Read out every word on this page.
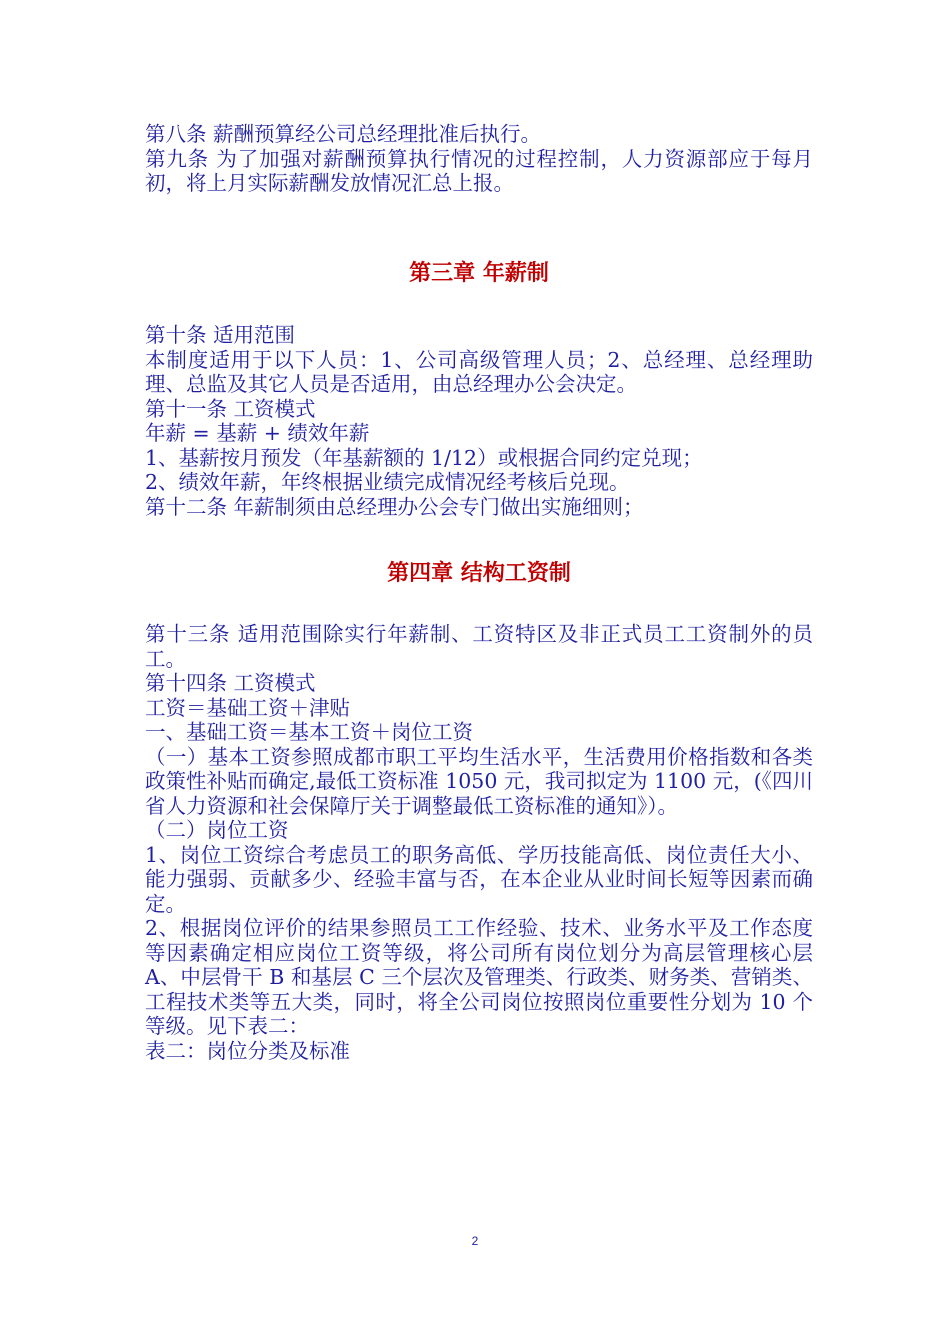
第八条 薪酬预算经公司总经理批准后执行。

第九条 为了加强对薪酬预算执行情况的过程控制，人力资源部应于每月初，将上月实际薪酬发放情况汇总上报。

第三章 年薪制

第十条 适用范围

本制度适用于以下人员：1、公司高级管理人员；2、总经理、总经理助理、总监及其它人员是否适用，由总经理办公会决定。

第十一条 工资模式

年薪 = 基薪 + 绩效年薪

1、基薪按月预发（年基薪额的 1/12）或根据合同约定兑现；

2、绩效年薪，年终根据业绩完成情况经考核后兑现。

第十二条 年薪制须由总经理办公会专门做出实施细则；

第四章 结构工资制

第十三条 适用范围除实行年薪制、工资特区及非正式员工工资制外的员工。

第十四条 工资模式

工资＝基础工资＋津贴

一、基础工资＝基本工资＋岗位工资

（一）基本工资参照成都市职工平均生活水平，生活费用价格指数和各类政策性补贴而确定,最低工资标准 1050 元，我司拟定为 1100 元，(《四川省人力资源和社会保障厅关于调整最低工资标准的通知》）。

（二）岗位工资

1、岗位工资综合考虑员工的职务高低、学历技能高低、岗位责任大小、能力强弱、贡献多少、经验丰富与否，在本企业从业时间长短等因素而确定。

2、根据岗位评价的结果参照员工工作经验、技术、业务水平及工作态度等因素确定相应岗位工资等级，将公司所有岗位划分为高层管理核心层 A、中层骨干 B 和基层 C 三个层次及管理类、行政类、财务类、营销类、工程技术类等五大类，同时，将全公司岗位按照岗位重要性分划为 10 个等级。见下表二：

表二：岗位分类及标准

2
